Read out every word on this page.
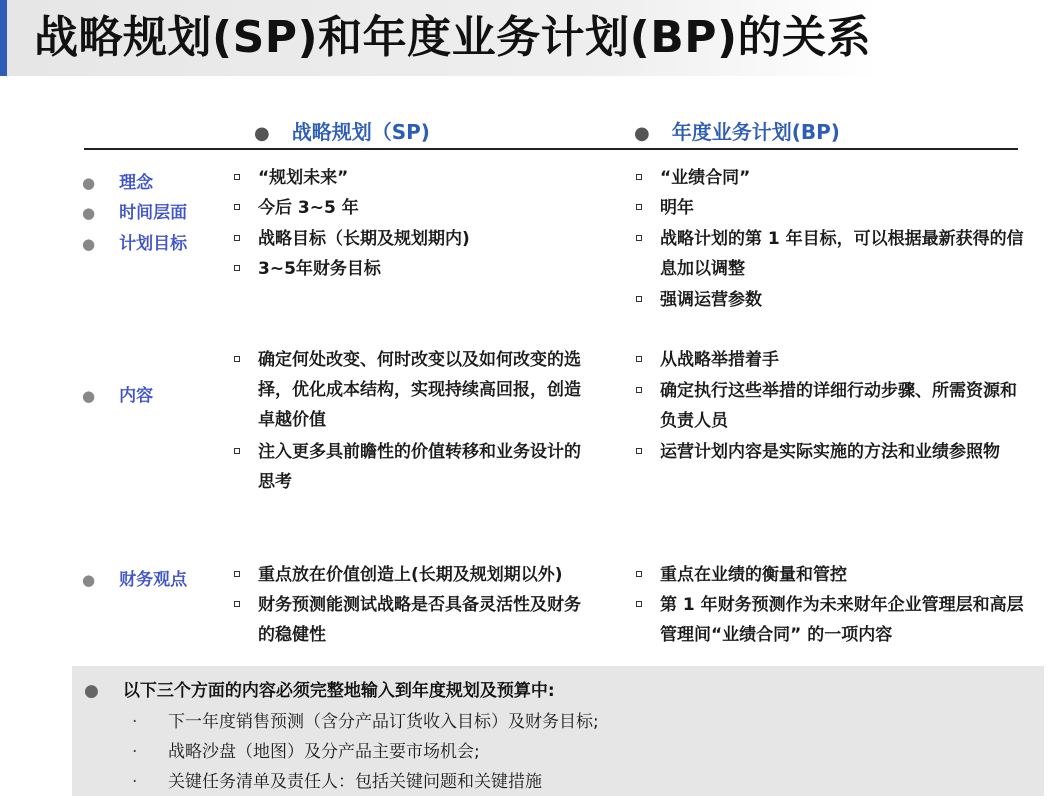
战略规划(SP)和年度业务计划(BP)的关系
● 战略规划（SP)	● 年度业务计划(BP)
● 理念
● 时间层面
● 计划目标
● 内容
● 财务观点
“规划未来”
今后 3~5 年
战略目标（长期及规划期内)
3~5年财务目标
确定何处改变、何时改变以及如何改变的选择，优化成本结构，实现持续高回报，创造卓越价值
注入更多具前瞻性的价值转移和业务设计的思考
重点放在价值创造上(长期及规划期以外)
财务预测能测试战略是否具备灵活性及财务的稳健性
“业绩合同”
明年
战略计划的第 1 年目标，可以根据最新获得的信息加以调整
强调运营参数
从战略举措着手
确定执行这些举措的详细行动步骤、所需资源和负责人员
运营计划内容是实际实施的方法和业绩参照物
重点在业绩的衡量和管控
第 1 年财务预测作为未来财年企业管理层和高层管理间“业绩合同” 的一项内容
● 以下三个方面的内容必须完整地输入到年度规划及预算中:
· 下一年度销售预测（含分产品订货收入目标）及财务目标;
· 战略沙盘（地图）及分产品主要市场机会;
· 关键任务清单及责任人：包括关键问题和关键措施
